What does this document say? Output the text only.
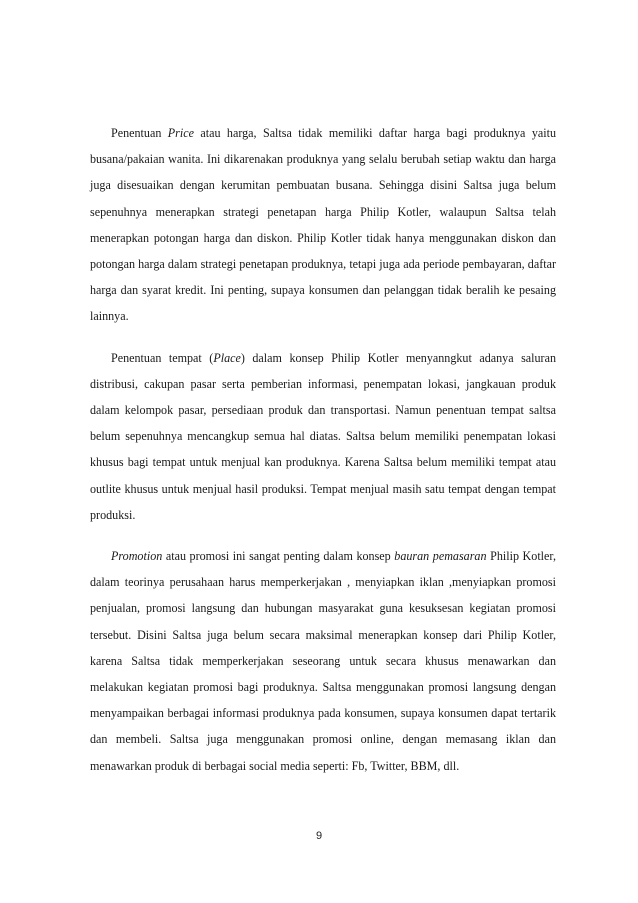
Penentuan Price atau harga, Saltsa tidak memiliki daftar harga bagi produknya yaitu busana/pakaian wanita. Ini dikarenakan produknya yang selalu berubah setiap waktu dan harga juga disesuaikan dengan kerumitan pembuatan busana. Sehingga disini Saltsa juga belum sepenuhnya menerapkan strategi penetapan harga Philip Kotler, walaupun Saltsa telah menerapkan potongan harga dan diskon. Philip Kotler tidak hanya menggunakan diskon dan potongan harga dalam strategi penetapan produknya, tetapi juga ada periode pembayaran, daftar harga dan syarat kredit. Ini penting, supaya konsumen dan pelanggan tidak beralih ke pesaing lainnya.

Penentuan tempat (Place) dalam konsep Philip Kotler menyanngkut adanya saluran distribusi, cakupan pasar serta pemberian informasi, penempatan lokasi, jangkauan produk dalam kelompok pasar, persediaan produk dan transportasi. Namun penentuan tempat saltsa belum sepenuhnya mencangkup semua hal diatas. Saltsa belum memiliki penempatan lokasi khusus bagi tempat untuk menjual kan produknya. Karena Saltsa belum memiliki tempat atau outlite khusus untuk menjual hasil produksi. Tempat menjual masih satu tempat dengan tempat produksi.

Promotion atau promosi ini sangat penting dalam konsep bauran pemasaran Philip Kotler, dalam teorinya perusahaan harus memperkerjakan , menyiapkan iklan ,menyiapkan promosi penjualan, promosi langsung dan hubungan masyarakat guna kesuksesan kegiatan promosi tersebut. Disini Saltsa juga belum secara maksimal menerapkan konsep dari Philip Kotler, karena Saltsa tidak memperkerjakan seseorang untuk secara khusus menawarkan dan melakukan kegiatan promosi bagi produknya. Saltsa menggunakan promosi langsung dengan menyampaikan berbagai informasi produknya pada konsumen, supaya konsumen dapat tertarik dan membeli. Saltsa juga menggunakan promosi online, dengan memasang iklan dan menawarkan produk di berbagai social media seperti: Fb, Twitter, BBM, dll.

9
